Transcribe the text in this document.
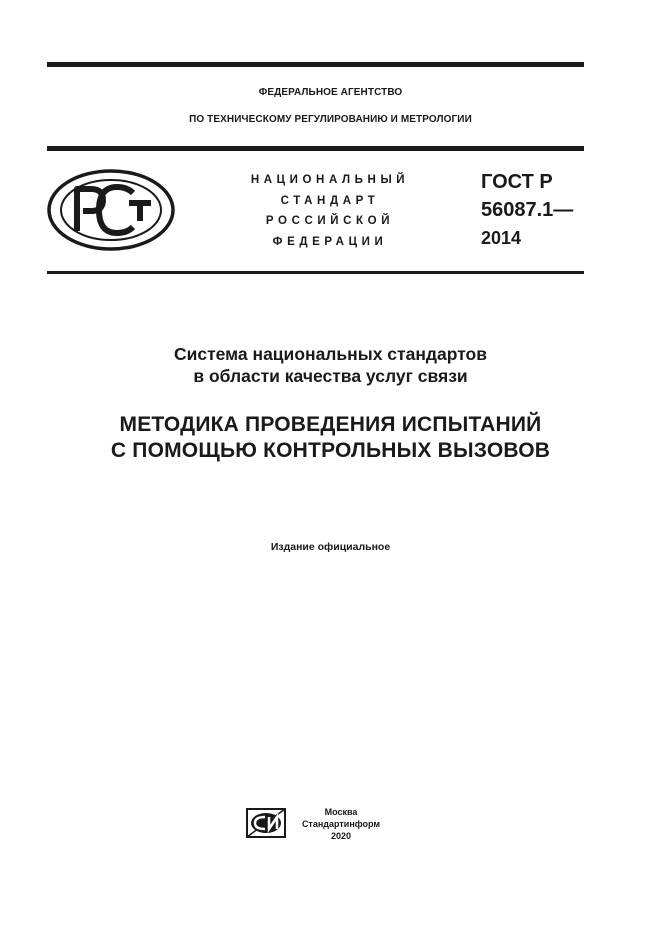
ФЕДЕРАЛЬНОЕ АГЕНТСТВО
ПО ТЕХНИЧЕСКОМУ РЕГУЛИРОВАНИЮ И МЕТРОЛОГИИ
НАЦИОНАЛЬНЫЙ
СТАНДАРТ
РОССИЙСКОЙ
ФЕДЕРАЦИИ
ГОСТ Р
56087.1—
2014
Система национальных стандартов
в области качества услуг связи
МЕТОДИКА ПРОВЕДЕНИЯ ИСПЫТАНИЙ
С ПОМОЩЬЮ КОНТРОЛЬНЫХ ВЫЗОВОВ
Издание официальное
Москва
Стандартинформ
2020
